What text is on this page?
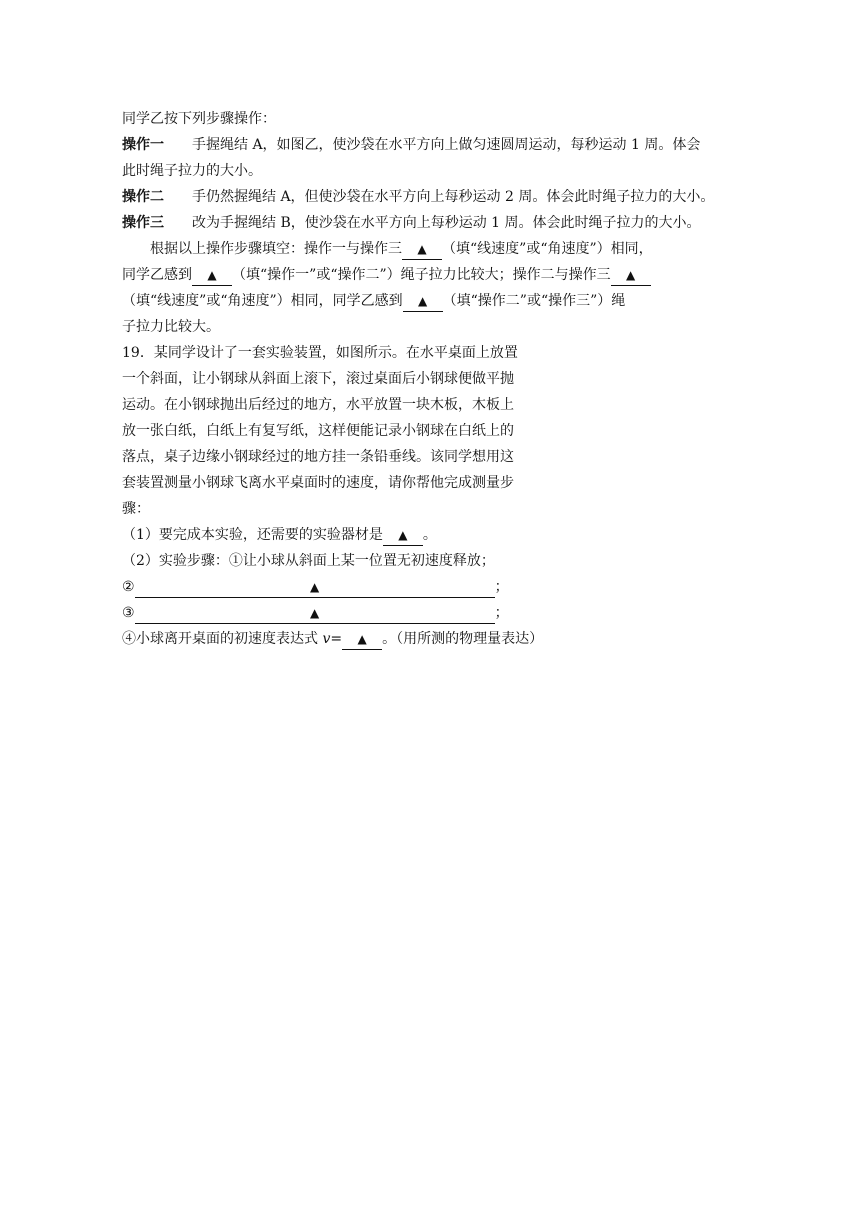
同学乙按下列步骤操作：
操作一 手握绳结 A，如图乙，使沙袋在水平方向上做匀速圆周运动，每秒运动 1 周。体会
此时绳子拉力的大小。
操作二 手仍然握绳结 A，但使沙袋在水平方向上每秒运动 2 周。体会此时绳子拉力的大小。
操作三 改为手握绳结 B，使沙袋在水平方向上每秒运动 1 周。体会此时绳子拉力的大小。
根据以上操作步骤填空：操作一与操作三 ▲ （填“线速度”或“角速度”）相同，
同学乙感到 ▲ （填“操作一”或“操作二”）绳子拉力比较大；操作二与操作三 ▲
（填“线速度”或“角速度”）相同，同学乙感到 ▲ （填“操作二”或“操作三”）绳
子拉力比较大。
19．某同学设计了一套实验装置，如图所示。在水平桌面上放置
一个斜面，让小钢球从斜面上滚下，滚过桌面后小钢球便做平抛
运动。在小钢球抛出后经过的地方，水平放置一块木板，木板上
放一张白纸，白纸上有复写纸，这样便能记录小钢球在白纸上的
落点，桌子边缘小钢球经过的地方挂一条铅垂线。该同学想用这
套装置测量小钢球飞离水平桌面时的速度，请你帮他完成测量步
骤：
（1）要完成本实验，还需要的实验器材是 ▲ 。
（2）实验步骤：①让小球从斜面上某一位置无初速度释放；
②	▲	；
③	▲	；
④小球离开桌面的初速度表达式 v= ▲ 。（用所测的物理量表达）
